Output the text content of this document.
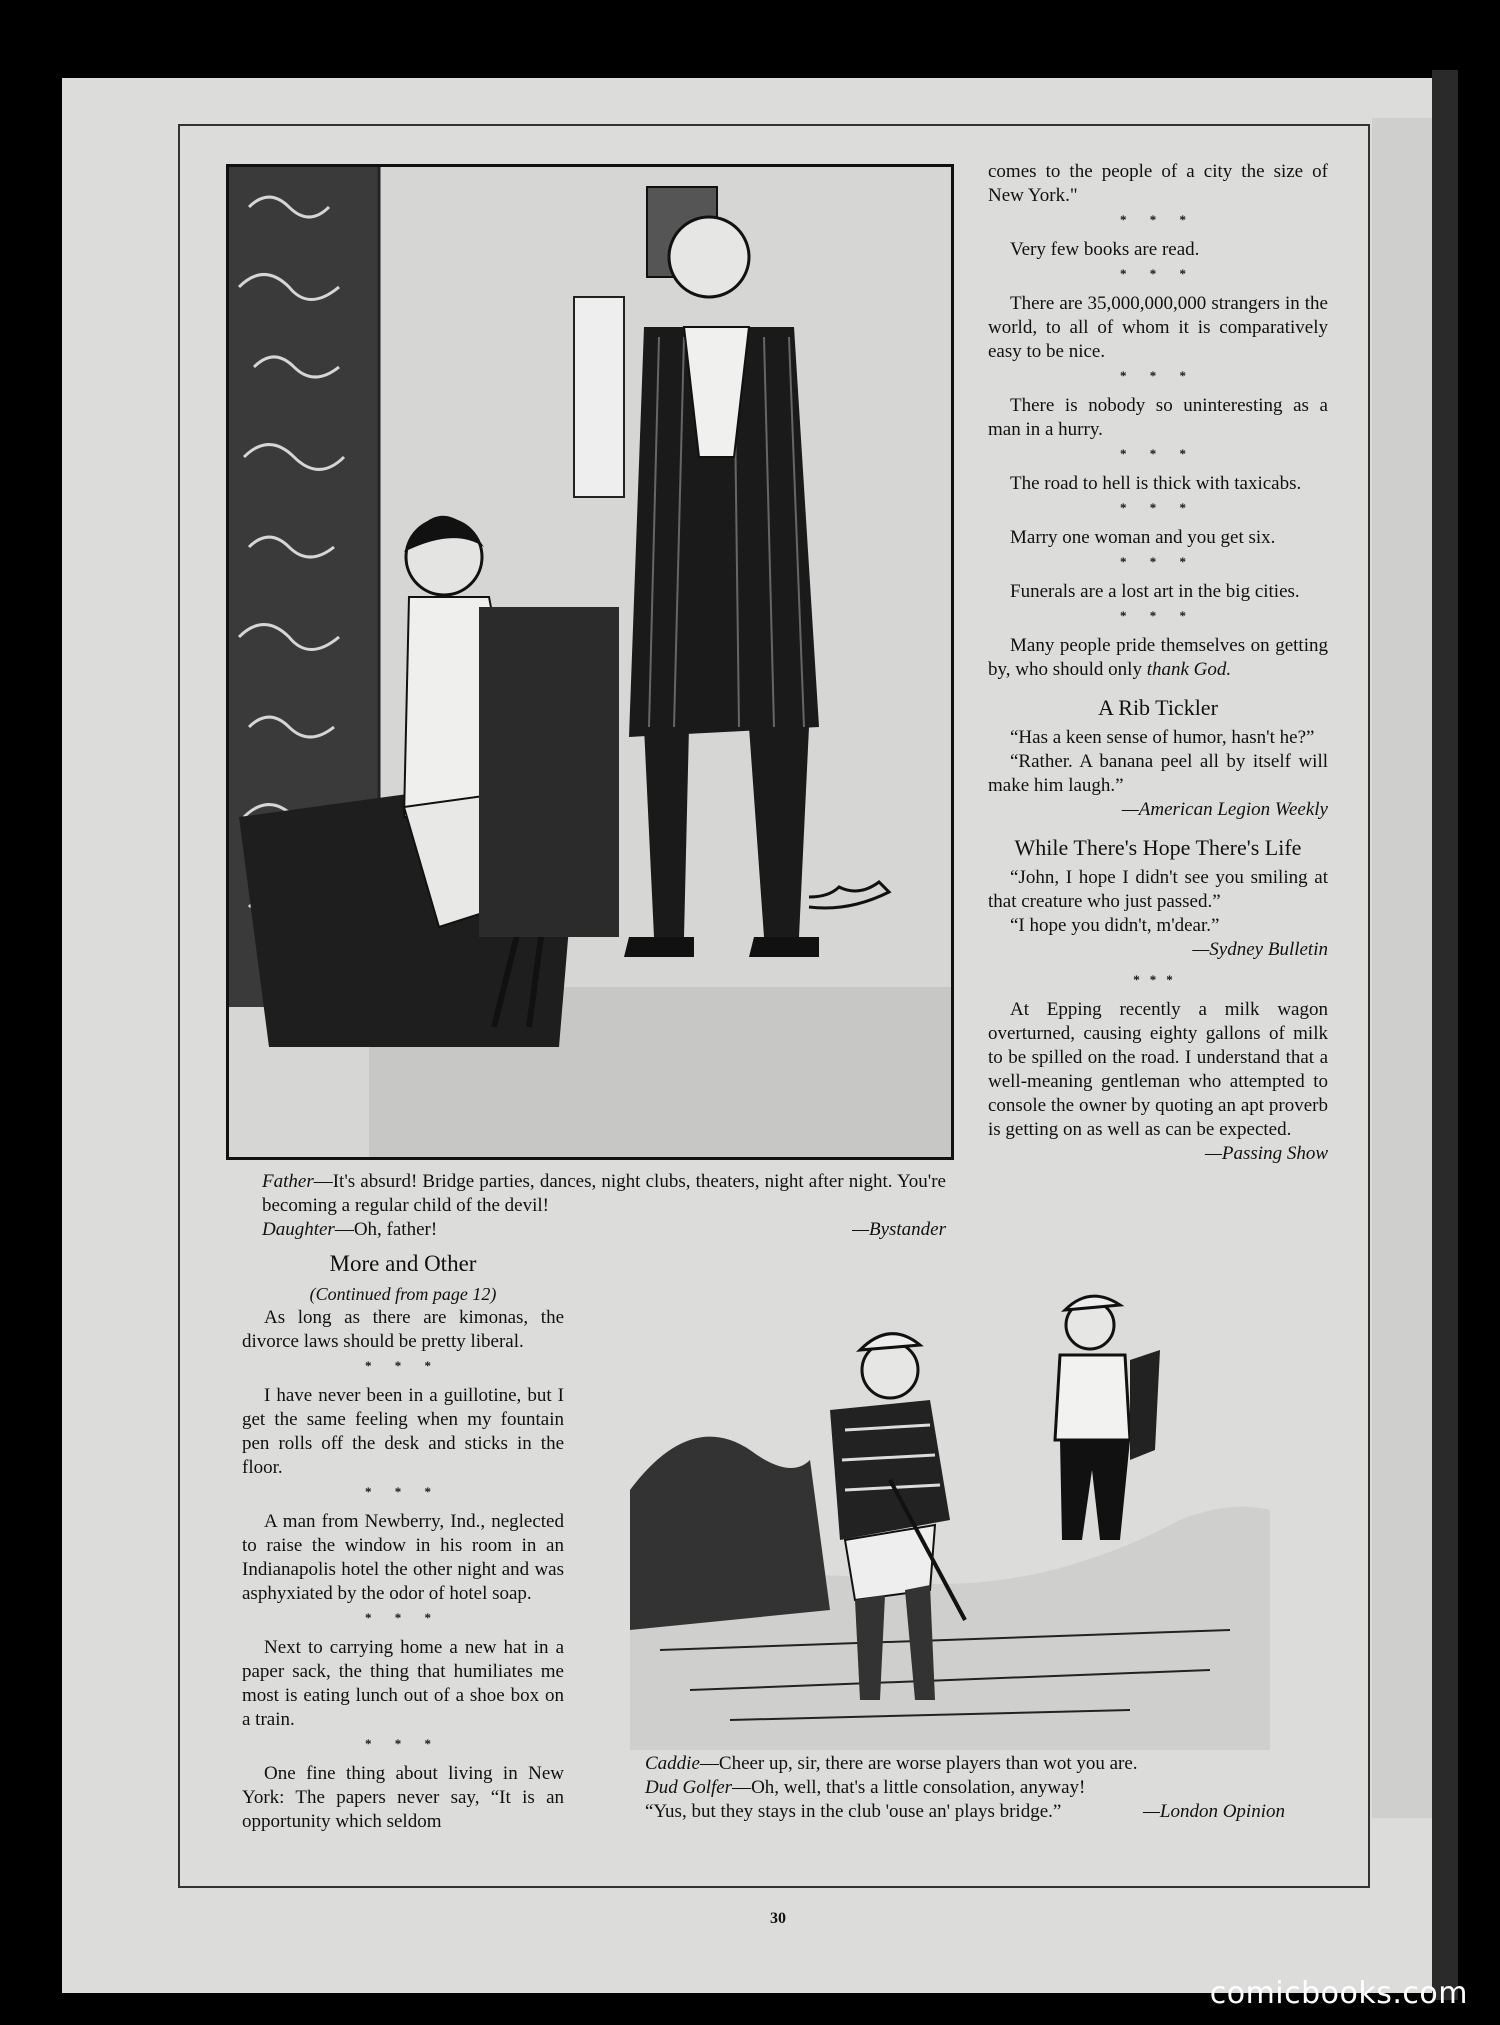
Father—It's absurd! Bridge parties, dances, night clubs, theaters, night after night. You're becoming a regular child of the devil!

Daughter—Oh, father!	—Bystander

comes to the people of a city the size of New York."

* * *

Very few books are read.

* * *

There are 35,000,000,000 strangers in the world, to all of whom it is comparatively easy to be nice.

* * *

There is nobody so uninteresting as a man in a hurry.

* * *

The road to hell is thick with taxicabs.

* * *

Marry one woman and you get six.

* * *

Funerals are a lost art in the big cities.

* * *

Many people pride themselves on getting by, who should only thank God.

A Rib Tickler

“Has a keen sense of humor, hasn't he?”

“Rather. A banana peel all by itself will make him laugh.”

—American Legion Weekly
While There's Hope There's Life

“John, I hope I didn't see you smiling at that creature who just passed.”

“I hope you didn't, m'dear.”

—Sydney Bulletin
***

At Epping recently a milk wagon overturned, causing eighty gallons of milk to be spilled on the road. I understand that a well-meaning gentleman who attempted to console the owner by quoting an apt proverb is getting on as well as can be expected.

—Passing Show
More and Other
(Continued from page 12)

As long as there are kimonas, the divorce laws should be pretty liberal.

* * *

I have never been in a guillotine, but I get the same feeling when my fountain pen rolls off the desk and sticks in the floor.

* * *

A man from Newberry, Ind., neglected to raise the window in his room in an Indianapolis hotel the other night and was asphyxiated by the odor of hotel soap.

* * *

Next to carrying home a new hat in a paper sack, the thing that humiliates me most is eating lunch out of a shoe box on a train.

* * *

One fine thing about living in New York: The papers never say, “It is an opportunity which seldom

Caddie—Cheer up, sir, there are worse players than wot you are.

Dud Golfer—Oh, well, that's a little consolation, anyway!

“Yus, but they stays in the club 'ouse an' plays bridge.”	—London Opinion

30
comicbooks.com
